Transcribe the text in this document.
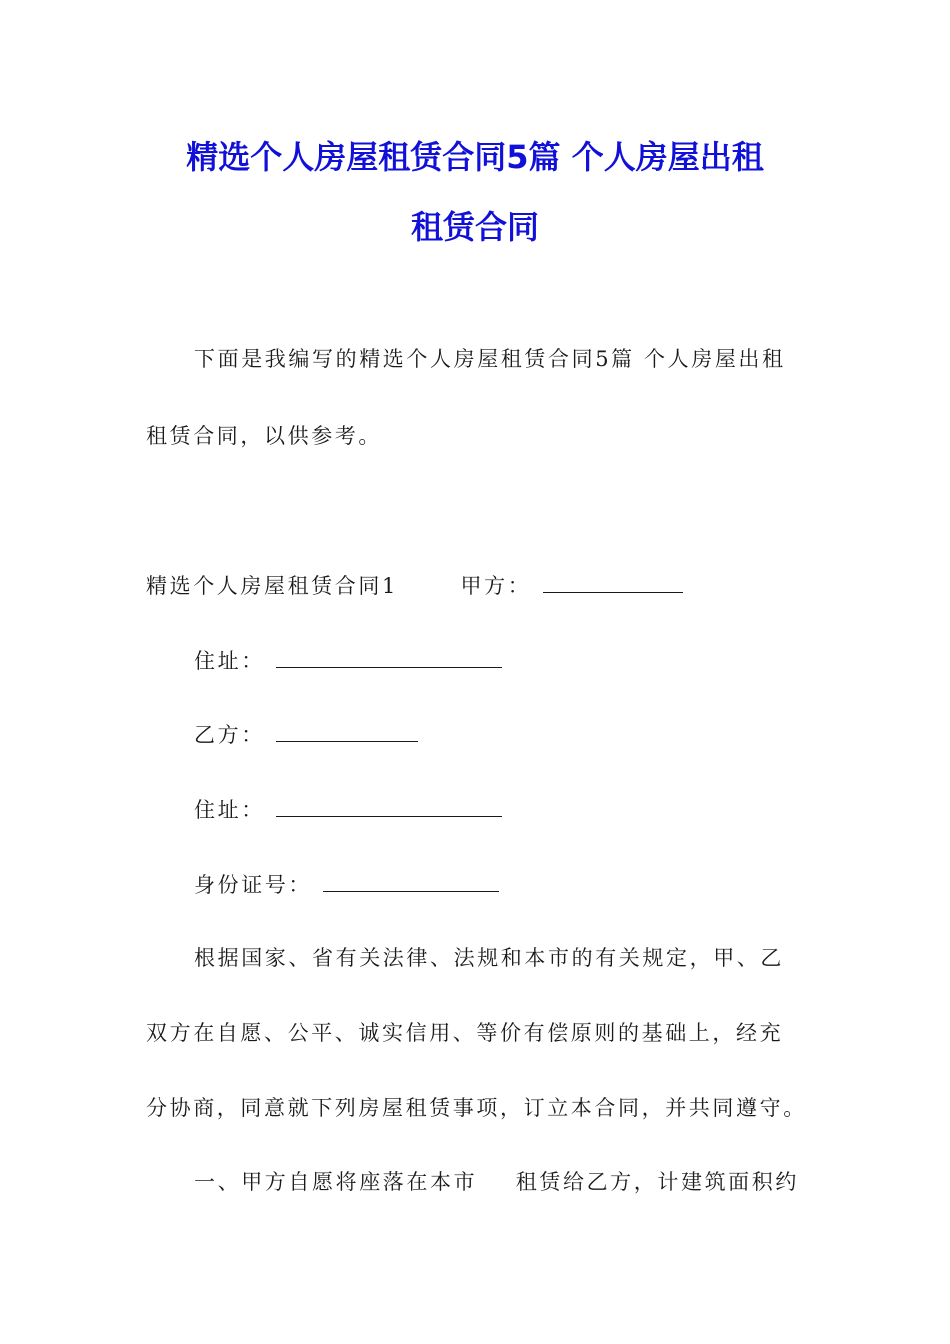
精选个人房屋租赁合同5篇 个人房屋出租
租赁合同
下面是我编写的精选个人房屋租赁合同5篇 个人房屋出租
租赁合同，以供参考。
精选个人房屋租赁合同1	甲方：
住址：
乙方：
住址：
身份证号：
根据国家、省有关法律、法规和本市的有关规定，甲、乙
双方在自愿、公平、诚实信用、等价有偿原则的基础上，经充
分协商，同意就下列房屋租赁事项，订立本合同，并共同遵守。
一、甲方自愿将座落在本市 租赁给乙方，计建筑面积约
